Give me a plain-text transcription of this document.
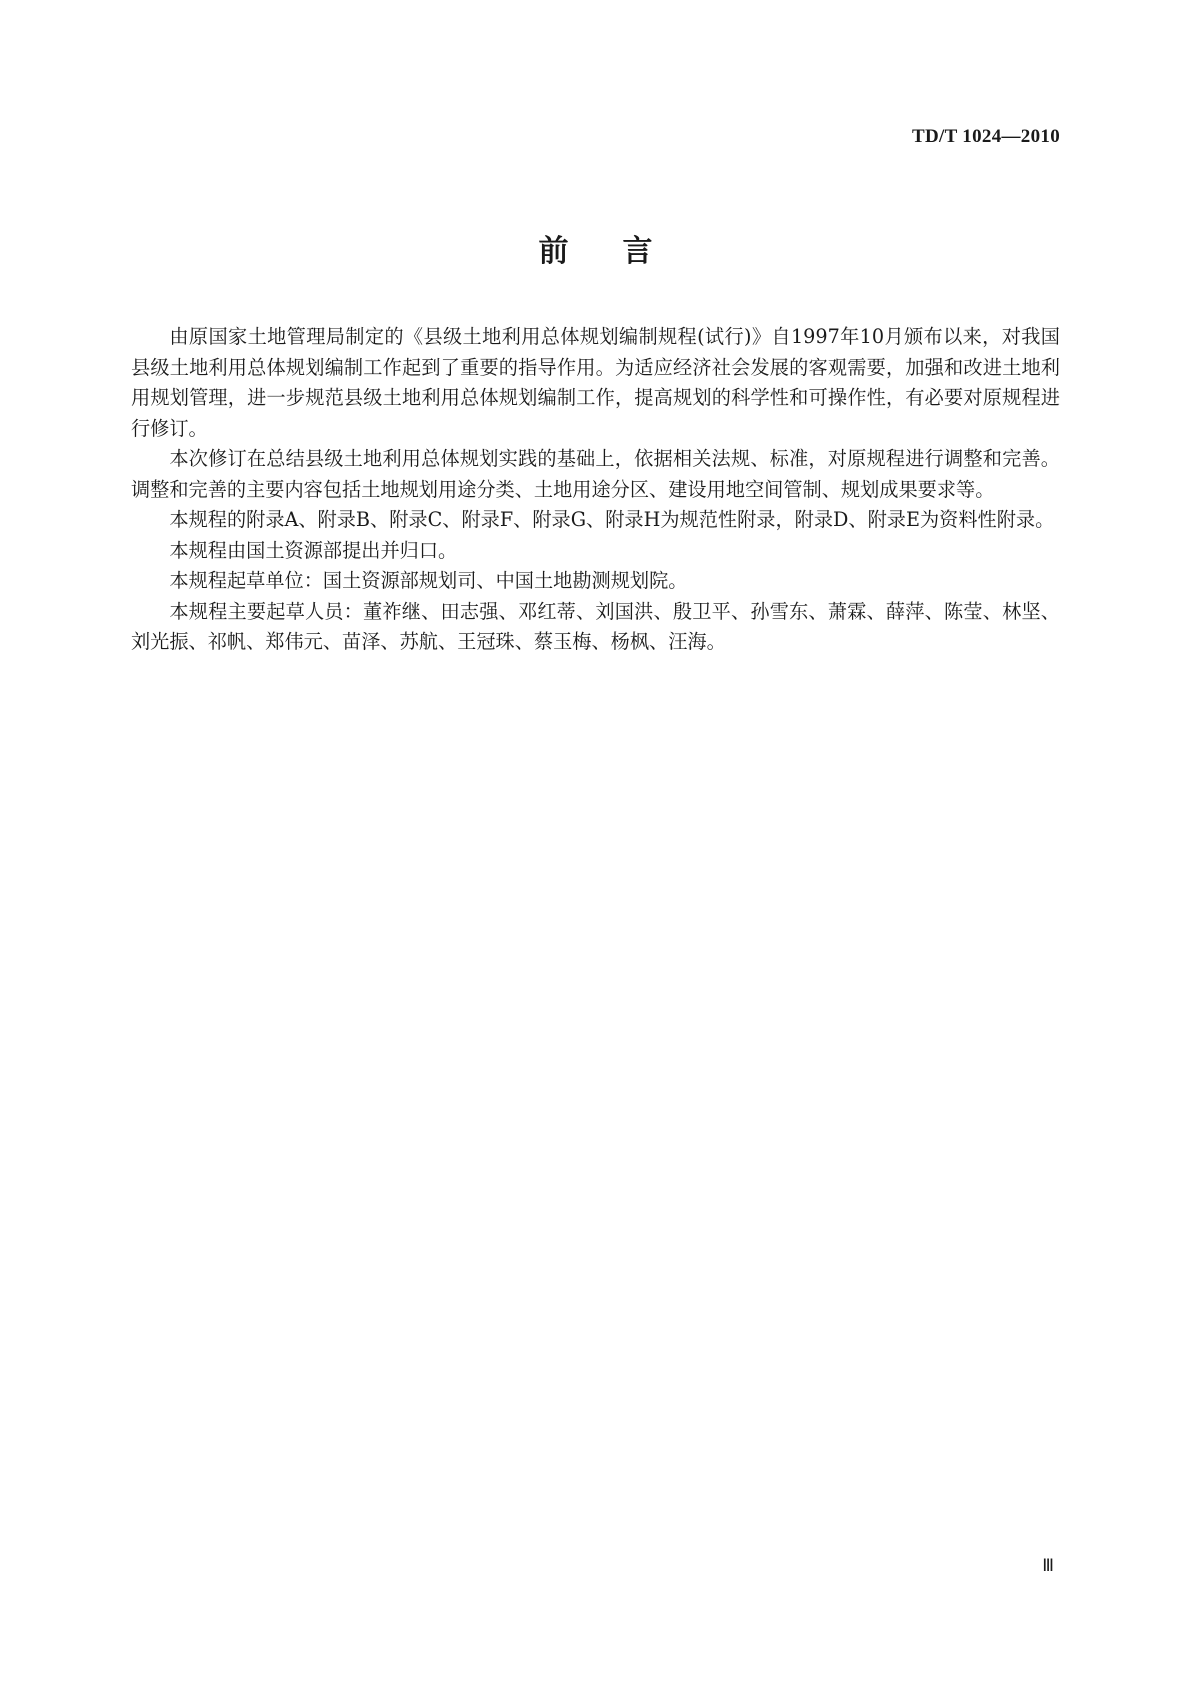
TD/T 1024—2010
前言

由原国家土地管理局制定的《县级土地利用总体规划编制规程(试行)》自1997年10月颁布以来，对我国县级土地利用总体规划编制工作起到了重要的指导作用。为适应经济社会发展的客观需要，加强和改进土地利用规划管理，进一步规范县级土地利用总体规划编制工作，提高规划的科学性和可操作性，有必要对原规程进行修订。

本次修订在总结县级土地利用总体规划实践的基础上，依据相关法规、标准，对原规程进行调整和完善。调整和完善的主要内容包括土地规划用途分类、土地用途分区、建设用地空间管制、规划成果要求等。

本规程的附录A、附录B、附录C、附录F、附录G、附录H为规范性附录，附录D、附录E为资料性附录。

本规程由国土资源部提出并归口。

本规程起草单位：国土资源部规划司、中国土地勘测规划院。

本规程主要起草人员：董祚继、田志强、邓红蒂、刘国洪、殷卫平、孙雪东、萧霖、薛萍、陈莹、林坚、刘光振、祁帆、郑伟元、苗泽、苏航、王冠珠、蔡玉梅、杨枫、汪海。

Ⅲ
